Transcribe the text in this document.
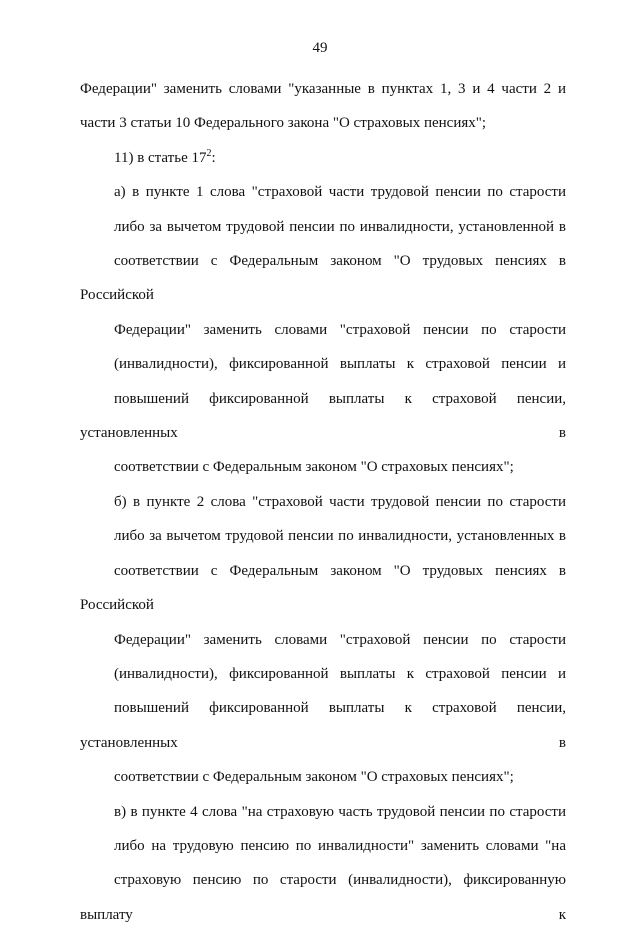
49

Федерации" заменить словами "указанные в пунктах 1, 3 и 4 части 2 и
части 3 статьи 10 Федерального закона "О страховых пенсиях";

11) в статье $17^2$:

а) в пункте 1 слова "страховой части трудовой пенсии по старости
либо за вычетом трудовой пенсии по инвалидности, установленной в
соответствии с Федеральным законом "О трудовых пенсиях в Российской
Федерации" заменить словами "страховой пенсии по старости
(инвалидности), фиксированной выплаты к страховой пенсии и
повышений фиксированной выплаты к страховой пенсии, установленных в
соответствии с Федеральным законом "О страховых пенсиях";

б) в пункте 2 слова "страховой части трудовой пенсии по старости
либо за вычетом трудовой пенсии по инвалидности, установленных в
соответствии с Федеральным законом "О трудовых пенсиях в Российской
Федерации" заменить словами "страховой пенсии по старости
(инвалидности), фиксированной выплаты к страховой пенсии и
повышений фиксированной выплаты к страховой пенсии, установленных в
соответствии с Федеральным законом "О страховых пенсиях";

в) в пункте 4 слова "на страховую часть трудовой пенсии по старости
либо на трудовую пенсию по инвалидности" заменить словами "на
страховую пенсию по старости (инвалидности), фиксированную выплату к
